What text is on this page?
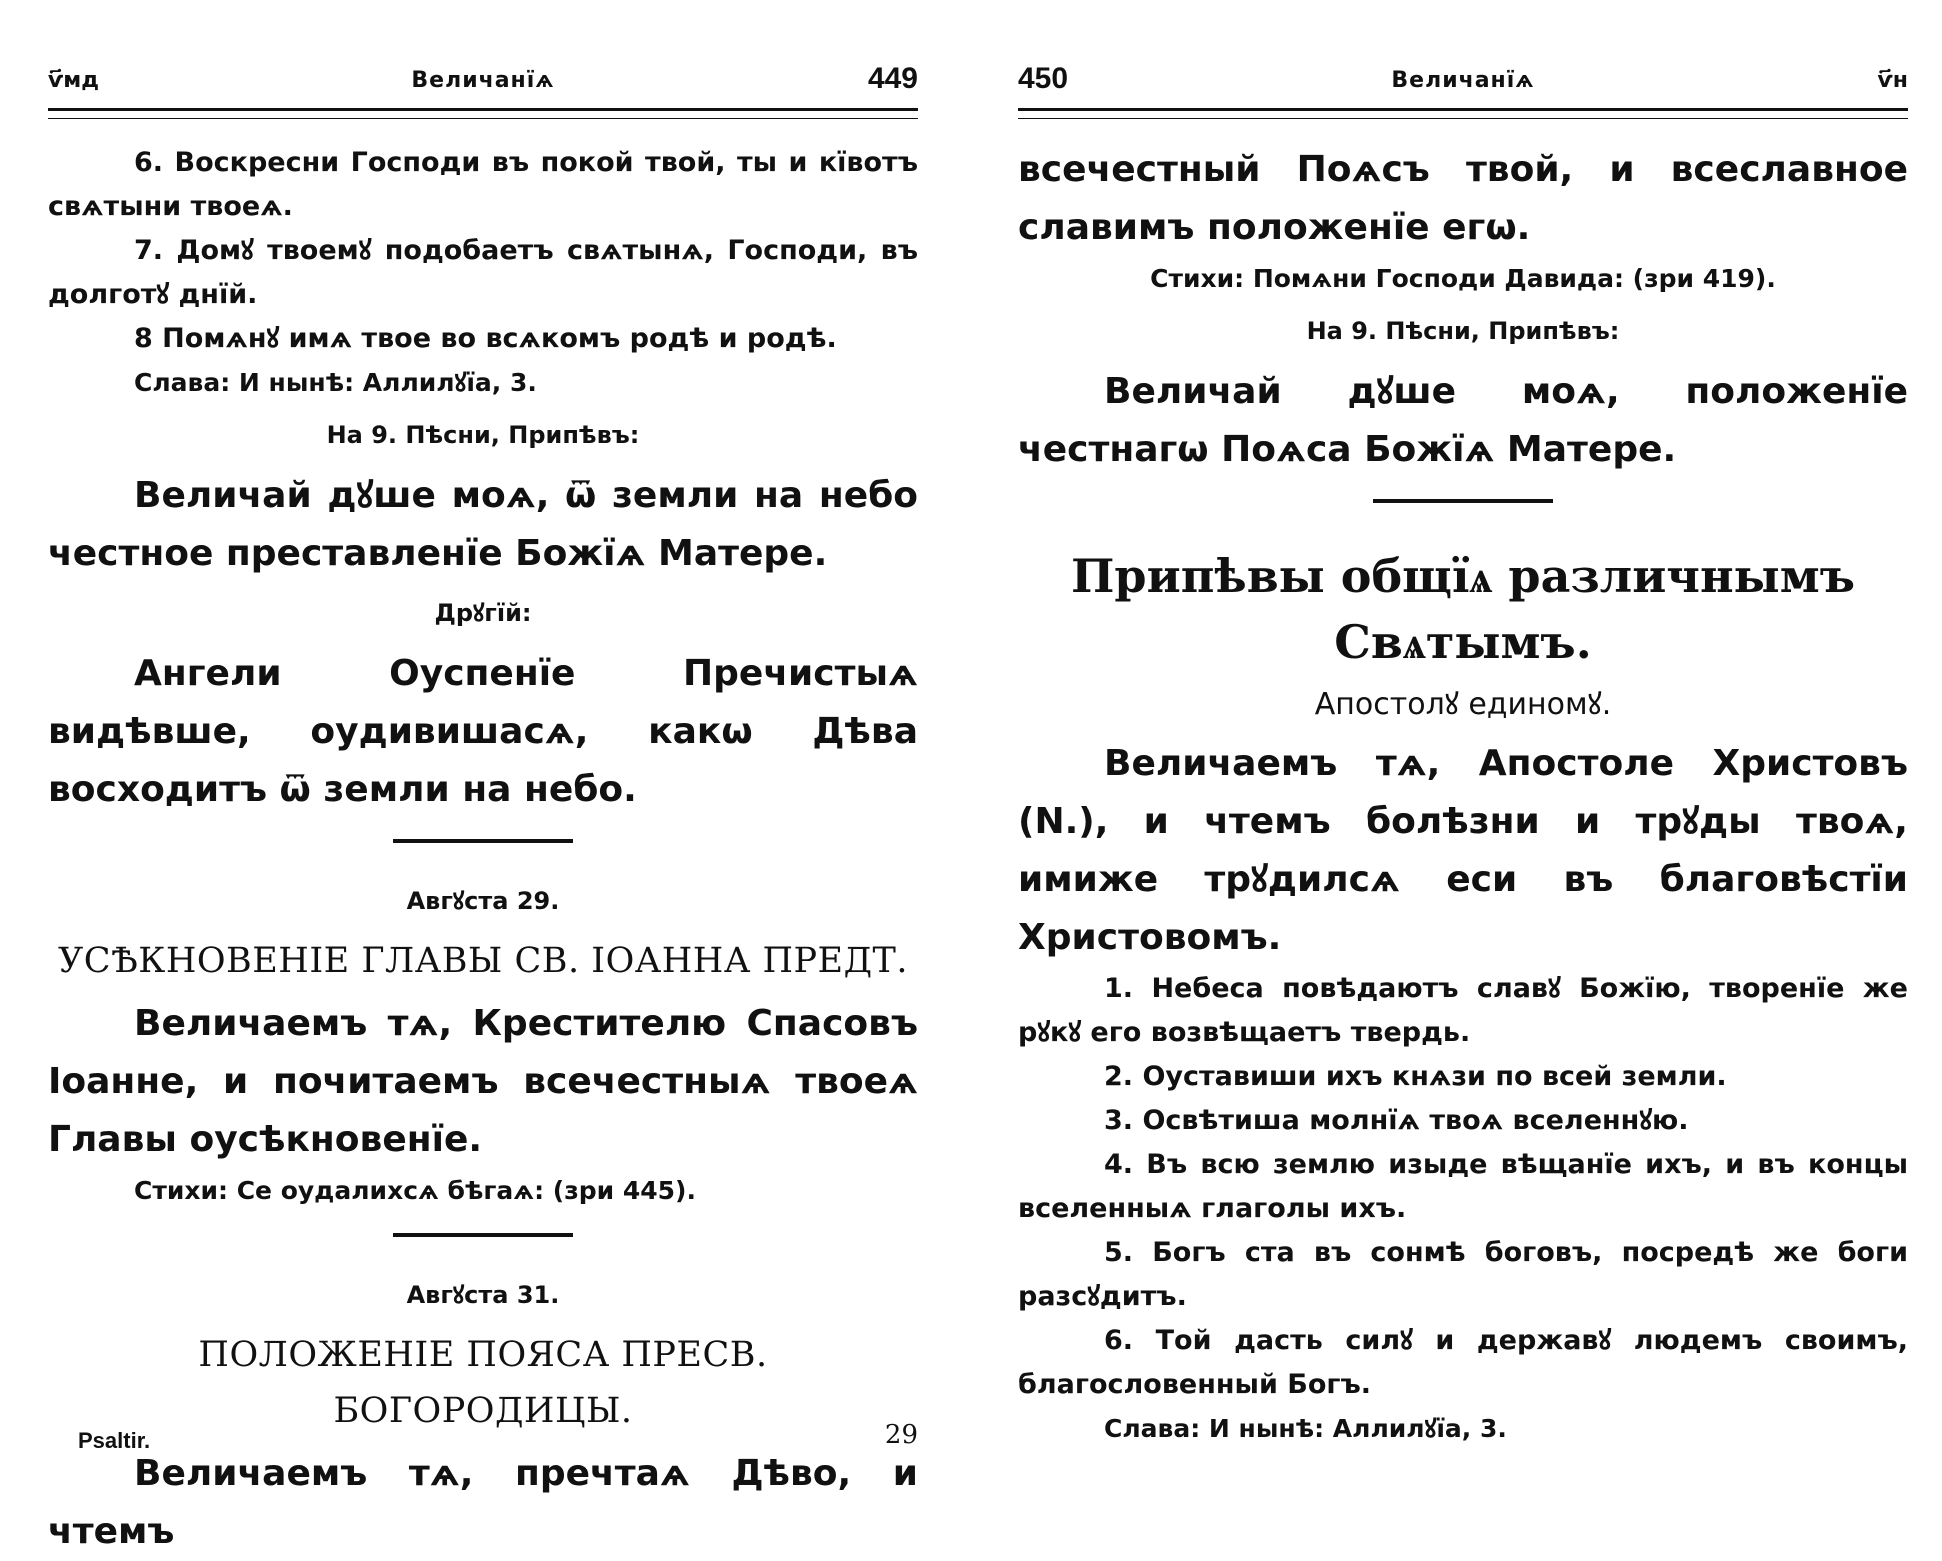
ѵ҃мд	Величанїѧ	449

6. Воскресни Господи въ покой твой, ты и кївотъ свѧтыни твоеѧ.

7. Домꙋ твоемꙋ подобаетъ свѧтынѧ, Господи, въ долготꙋ днїй.

8 Помѧнꙋ имѧ твое во всѧкомъ родѣ и родѣ.

Слава: И нынѣ: Аллилꙋїа, 3.

На 9. Пѣсни, Припѣвъ:

Величай дꙋше моѧ, ѿ земли на небо честное преставленїе Божїѧ Матере.

Дрꙋгїй:

Ангели Оуспенїе Пречистыѧ видѣвше, оудивишасѧ, какѡ Дѣва восходитъ ѿ земли на небо.

Авгꙋста 29.

УСѢКНОВЕНІЕ ГЛАВЫ СВ. ІОАННА ПРЕДТ.

Величаемъ тѧ, Крестителю Спасовъ Іоанне, и почитаемъ всечестныѧ твоеѧ Главы оусѣкновенїе.

Стихи: Се оудалихсѧ бѣгаѧ: (зри 445).

Авгꙋста 31.

ПОЛОЖЕНІЕ ПОЯСА ПРЕСВ. БОГОРОДИЦЫ.

Величаемъ тѧ, пречтаѧ Дѣво, и чтемъ

Psaltir.	29
450	Величанїѧ	ѵ҃н

всечестный Поѧсъ твой, и всеславное славимъ положенїе егѡ.

Стихи: Помѧни Господи Давида: (зри 419).

На 9. Пѣсни, Припѣвъ:

Величай дꙋше моѧ, положенїе честнагѡ Поѧса Божїѧ Матере.

Припѣвы общїѧ различнымъ Свѧтымъ.

Апостолꙋ единомꙋ.

Величаемъ тѧ, Апостоле Христовъ (N.), и чтемъ болѣзни и трꙋды твоѧ, имиже трꙋдилсѧ еси въ благовѣстїи Христовомъ.

1. Небеса повѣдаютъ славꙋ Божїю, творенїе же рꙋкꙋ его возвѣщаетъ твердь.

2. Оуставиши ихъ кнѧзи по всей земли.

3. Освѣтиша молнїѧ твоѧ вселеннꙋю.

4. Въ всю землю изыде вѣщанїе ихъ, и въ концы вселенныѧ глаголы ихъ.

5. Богъ ста въ сонмѣ боговъ, посредѣ же боги разсꙋдитъ.

6. Той дасть силꙋ и державꙋ людемъ своимъ, благословенный Богъ.

Слава: И нынѣ: Аллилꙋїа, 3.
